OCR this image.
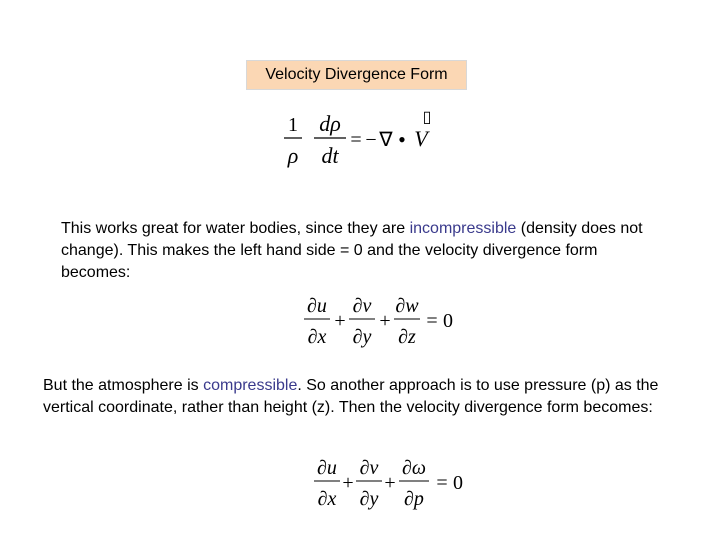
Velocity Divergence Form
1
ρ
dρ
dt
= − ∇ • V
▯

This works great for water bodies, since they are incompressible (density does not change). This makes the left hand side = 0 and the velocity divergence form becomes:

∂u
∂x
+
∂v
∂y
+
∂w
∂z
= 0

But the atmosphere is compressible. So another approach is to use pressure (p) as the vertical coordinate, rather than height (z). Then the velocity divergence form becomes:

∂u
∂x
+
∂v
∂y
+
∂ω
∂p
= 0
